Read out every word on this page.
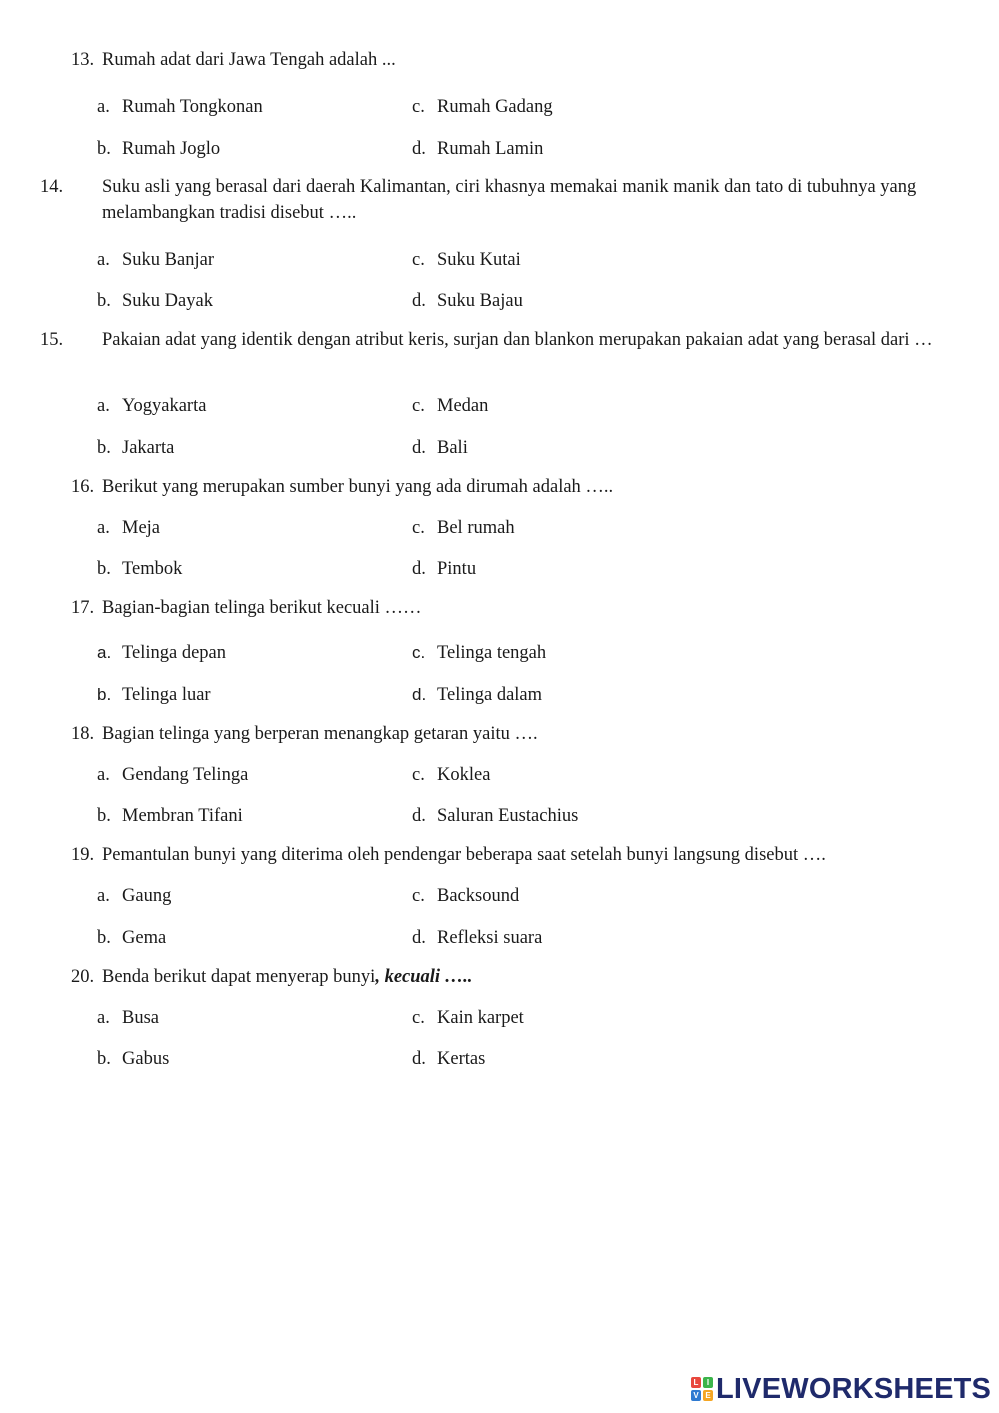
13. Rumah adat dari Jawa Tengah adalah ...
a. Rumah Tongkonan	c. Rumah Gadang
b. Rumah Joglo	d. Rumah Lamin
14. Suku asli yang berasal dari daerah Kalimantan, ciri khasnya memakai manik manik dan tato di tubuhnya yang melambangkan tradisi disebut …..
a. Suku Banjar	c. Suku Kutai
b. Suku Dayak	d. Suku Bajau
15. Pakaian adat yang identik dengan atribut keris, surjan dan blankon merupakan pakaian adat yang berasal dari …
a. Yogyakarta	c. Medan
b. Jakarta	d. Bali
16. Berikut yang merupakan sumber bunyi yang ada dirumah adalah …..
a. Meja	c. Bel rumah
b. Tembok	d. Pintu
17. Bagian-bagian telinga berikut kecuali ……
a. Telinga depan	c. Telinga tengah
b. Telinga luar	d. Telinga dalam
18. Bagian telinga yang berperan menangkap getaran yaitu ….
a. Gendang Telinga	c. Koklea
b. Membran Tifani	d. Saluran Eustachius
19. Pemantulan bunyi yang diterima oleh pendengar beberapa saat setelah bunyi langsung disebut ….
a. Gaung	c. Backsound
b. Gema	d. Refleksi suara
20. Benda berikut dapat menyerap bunyi, kecuali …..
a. Busa	c. Kain karpet
b. Gabus	d. Kertas
L	I
V E LIVEWORKSHEETS
